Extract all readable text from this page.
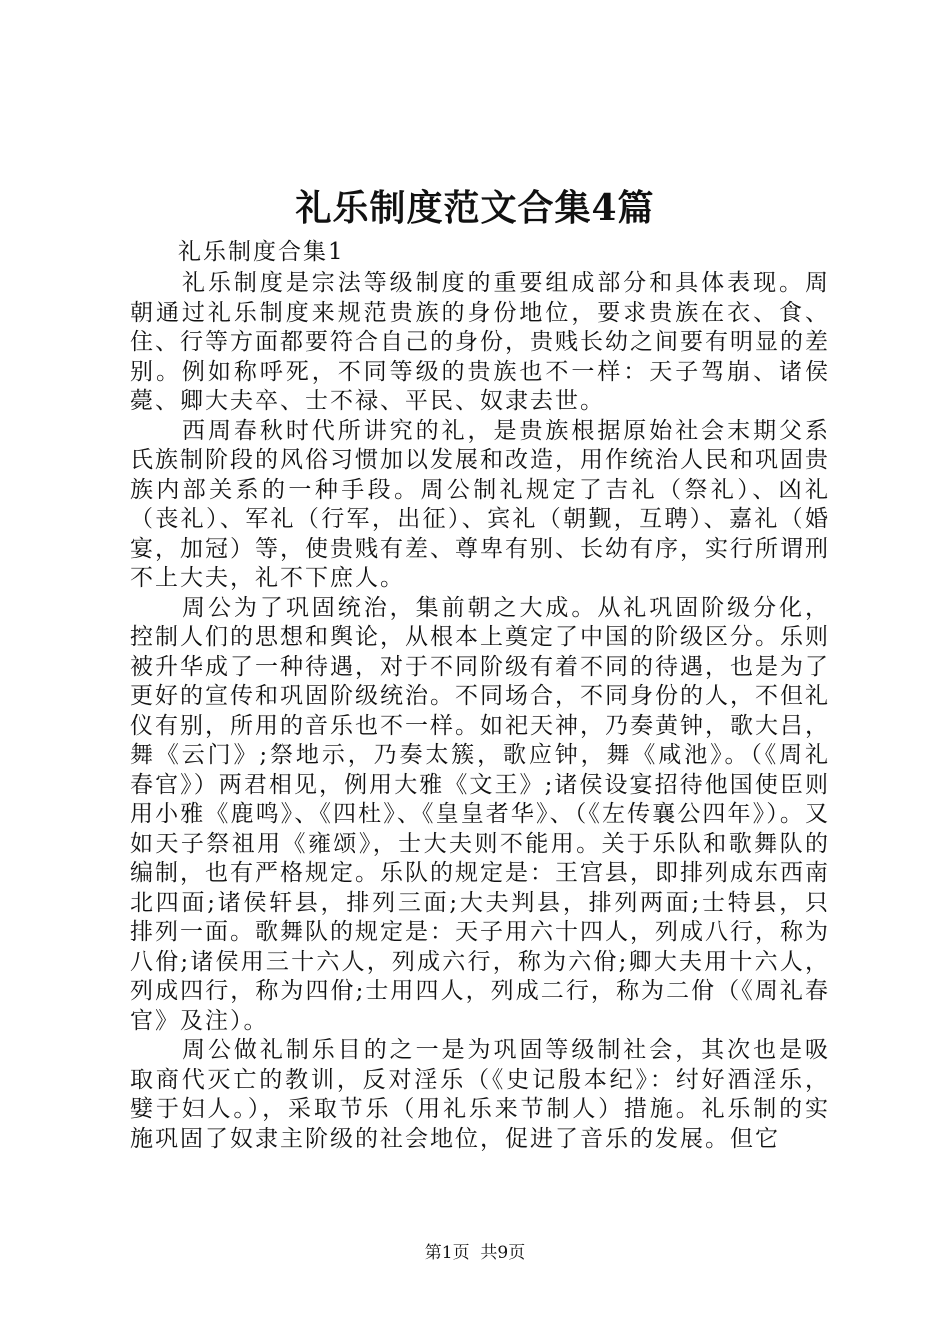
礼乐制度范文合集4篇

礼乐制度合集1

礼乐制度是宗法等级制度的重要组成部分和具体表现。周朝通过礼乐制度来规范贵族的身份地位，要求贵族在衣、食、住、行等方面都要符合自己的身份，贵贱长幼之间要有明显的差别。例如称呼死，不同等级的贵族也不一样：天子驾崩、诸侯薨、卿大夫卒、士不禄、平民、奴隶去世。

西周春秋时代所讲究的礼，是贵族根据原始社会末期父系氏族制阶段的风俗习惯加以发展和改造，用作统治人民和巩固贵族内部关系的一种手段。周公制礼规定了吉礼（祭礼）、凶礼（丧礼）、军礼（行军，出征）、宾礼（朝觐，互聘）、嘉礼（婚宴，加冠）等，使贵贱有差、尊卑有别、长幼有序，实行所谓刑不上大夫，礼不下庶人。

周公为了巩固统治，集前朝之大成。从礼巩固阶级分化，控制人们的思想和舆论，从根本上奠定了中国的阶级区分。乐则被升华成了一种待遇，对于不同阶级有着不同的待遇，也是为了更好的宣传和巩固阶级统治。不同场合，不同身份的人，不但礼仪有别，所用的音乐也不一样。如祀天神，乃奏黄钟，歌大吕，舞《云门》;祭地示，乃奏太簇，歌应钟，舞《咸池》。（《周礼春官》）两君相见，例用大雅《文王》;诸侯设宴招待他国使臣则用小雅《鹿鸣》、《四杜》、《皇皇者华》、（《左传襄公四年》）。又如天子祭祖用《雍颂》，士大夫则不能用。关于乐队和歌舞队的编制，也有严格规定。乐队的规定是：王宫县，即排列成东西南北四面;诸侯轩县，排列三面;大夫判县，排列两面;士特县，只排列一面。歌舞队的规定是：天子用六十四人，列成八行，称为八佾;诸侯用三十六人，列成六行，称为六佾;卿大夫用十六人，列成四行，称为四佾;士用四人，列成二行，称为二佾（《周礼春官》及注）。

周公做礼制乐目的之一是为巩固等级制社会，其次也是吸取商代灭亡的教训，反对淫乐（《史记殷本纪》：纣好酒淫乐，嬖于妇人。），采取节乐（用礼乐来节制人）措施。礼乐制的实施巩固了奴隶主阶级的社会地位，促进了音乐的发展。但它

第1页  共9页
